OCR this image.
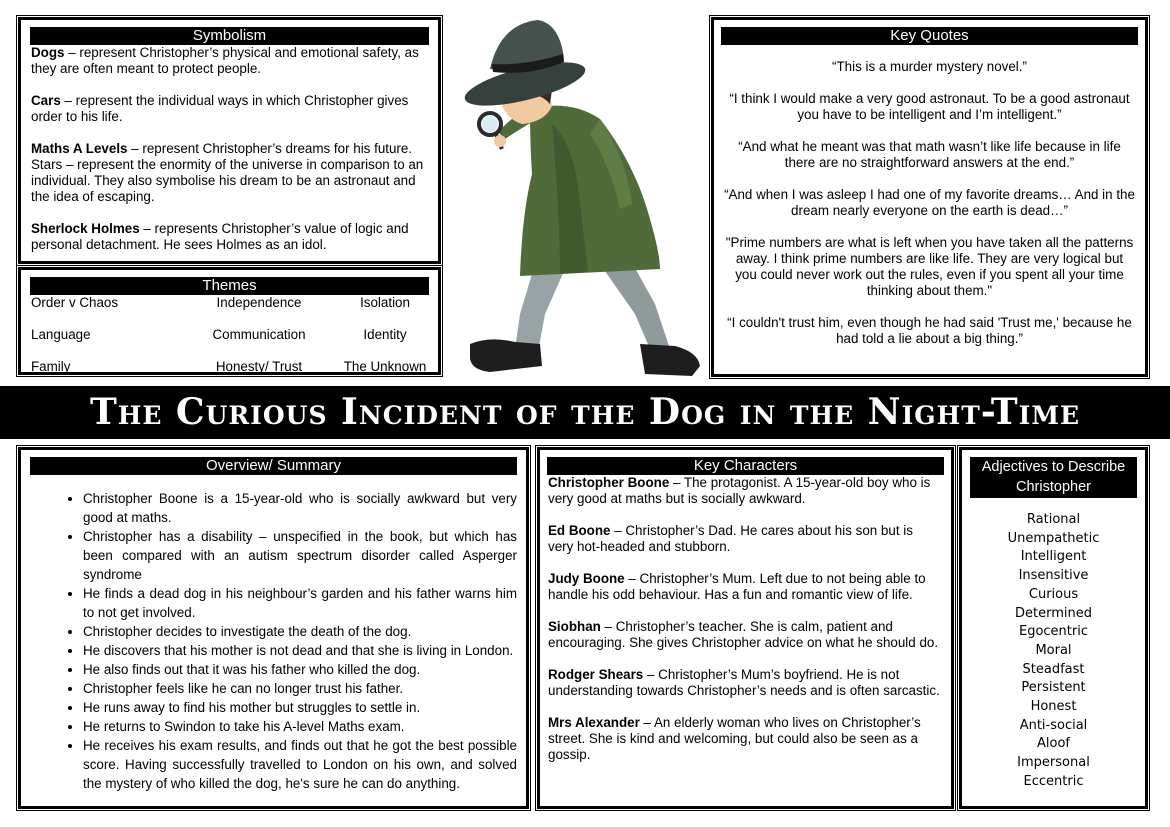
Symbolism

Dogs – represent Christopher’s physical and emotional safety, as they are often meant to protect people.

Cars – represent the individual ways in which Christopher gives order to his life.

Maths A Levels – represent Christopher’s dreams for his future. Stars – represent the enormity of the universe in comparison to an individual. They also symbolise his dream to be an astronaut and the idea of escaping.

Sherlock Holmes – represents Christopher’s value of logic and personal detachment. He sees Holmes as an idol.

Themes
Order v Chaos	Independence	Isolation
Language	Communication	Identity
Family	Honesty/ Trust	The Unknown
Key Quotes

“This is a murder mystery novel.”

“I think I would make a very good astronaut. To be a good astronaut you have to be intelligent and I’m intelligent.”

“And what he meant was that math wasn’t like life because in life there are no straightforward answers at the end.”

“And when I was asleep I had one of my favorite dreams… And in the dream nearly everyone on the earth is dead…”

"Prime numbers are what is left when you have taken all the patterns away. I think prime numbers are like life. They are very logical but you could never work out the rules, even if you spent all your time thinking about them."

“I couldn't trust him, even though he had said 'Trust me,' because he had told a lie about a big thing.”

The Curious Incident of the Dog in the Night-Time
Overview/ Summary
• Christopher Boone is a 15-year-old who is socially awkward but very good at maths.
• Christopher has a disability – unspecified in the book, but which has been compared with an autism spectrum disorder called Asperger syndrome
• He finds a dead dog in his neighbour’s garden and his father warns him to not get involved.
• Christopher decides to investigate the death of the dog.
• He discovers that his mother is not dead and that she is living in London.
• He also finds out that it was his father who killed the dog.
• Christopher feels like he can no longer trust his father.
• He runs away to find his mother but struggles to settle in.
• He returns to Swindon to take his A-level Maths exam.
• He receives his exam results, and finds out that he got the best possible score. Having successfully travelled to London on his own, and solved the mystery of who killed the dog, he's sure he can do anything.
Key Characters

Christopher Boone – The protagonist. A 15-year-old boy who is very good at maths but is socially awkward.

Ed Boone – Christopher’s Dad. He cares about his son but is very hot-headed and stubborn.

Judy Boone – Christopher’s Mum. Left due to not being able to handle his odd behaviour. Has a fun and romantic view of life.

Siobhan – Christopher’s teacher. She is calm, patient and encouraging. She gives Christopher advice on what he should do.

Rodger Shears – Christopher’s Mum’s boyfriend. He is not understanding towards Christopher’s needs and is often sarcastic.

Mrs Alexander – An elderly woman who lives on Christopher’s street. She is kind and welcoming, but could also be seen as a gossip.

Adjectives to Describe Christopher
Rational
Unempathetic
Intelligent
Insensitive
Curious
Determined
Egocentric
Moral
Steadfast
Persistent
Honest
Anti-social
Aloof
Impersonal
Eccentric
